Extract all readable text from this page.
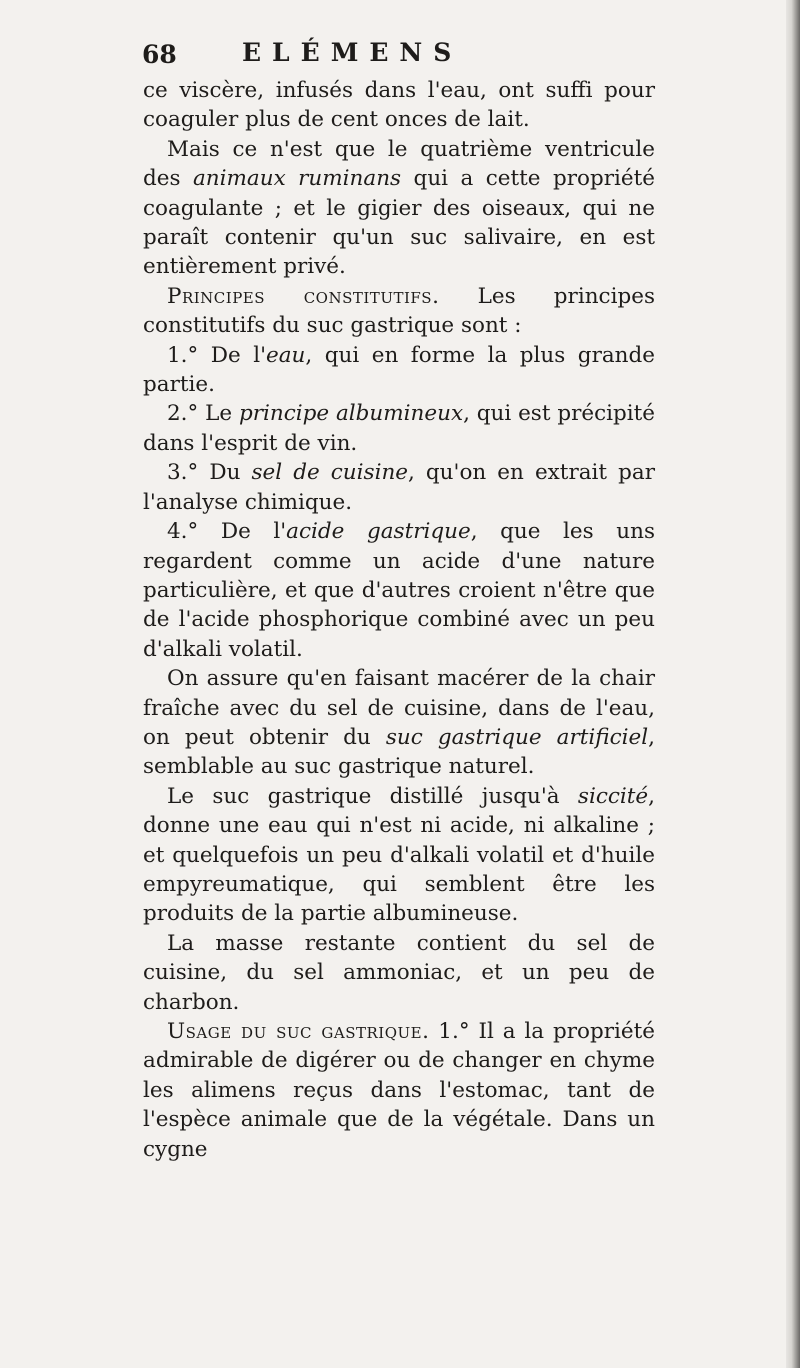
68	ELÉMENS

ce viscère, infusés dans l'eau, ont suffi pour coaguler plus de cent onces de lait.

Mais ce n'est que le quatrième ventricule des animaux ruminans qui a cette propriété coagulante ; et le gigier des oiseaux, qui ne paraît contenir qu'un suc salivaire, en est entièrement privé.

Principes constitutifs. Les principes constitutifs du suc gastrique sont :

1.° De l'eau, qui en forme la plus grande partie.

2.° Le principe albumineux, qui est précipité dans l'esprit de vin.

3.° Du sel de cuisine, qu'on en extrait par l'analyse chimique.

4.° De l'acide gastrique, que les uns regardent comme un acide d'une nature particulière, et que d'autres croient n'être que de l'acide phosphorique combiné avec un peu d'alkali volatil.

On assure qu'en faisant macérer de la chair fraîche avec du sel de cuisine, dans de l'eau, on peut obtenir du suc gastrique artificiel, semblable au suc gastrique naturel.

Le suc gastrique distillé jusqu'à siccité, donne une eau qui n'est ni acide, ni alkaline ; et quelquefois un peu d'alkali volatil et d'huile empyreumatique, qui semblent être les produits de la partie albumineuse.

La masse restante contient du sel de cuisine, du sel ammoniac, et un peu de charbon.

Usage du suc gastrique. 1.° Il a la propriété admirable de digérer ou de changer en chyme les alimens reçus dans l'estomac, tant de l'espèce animale que de la végétale. Dans un cygne
